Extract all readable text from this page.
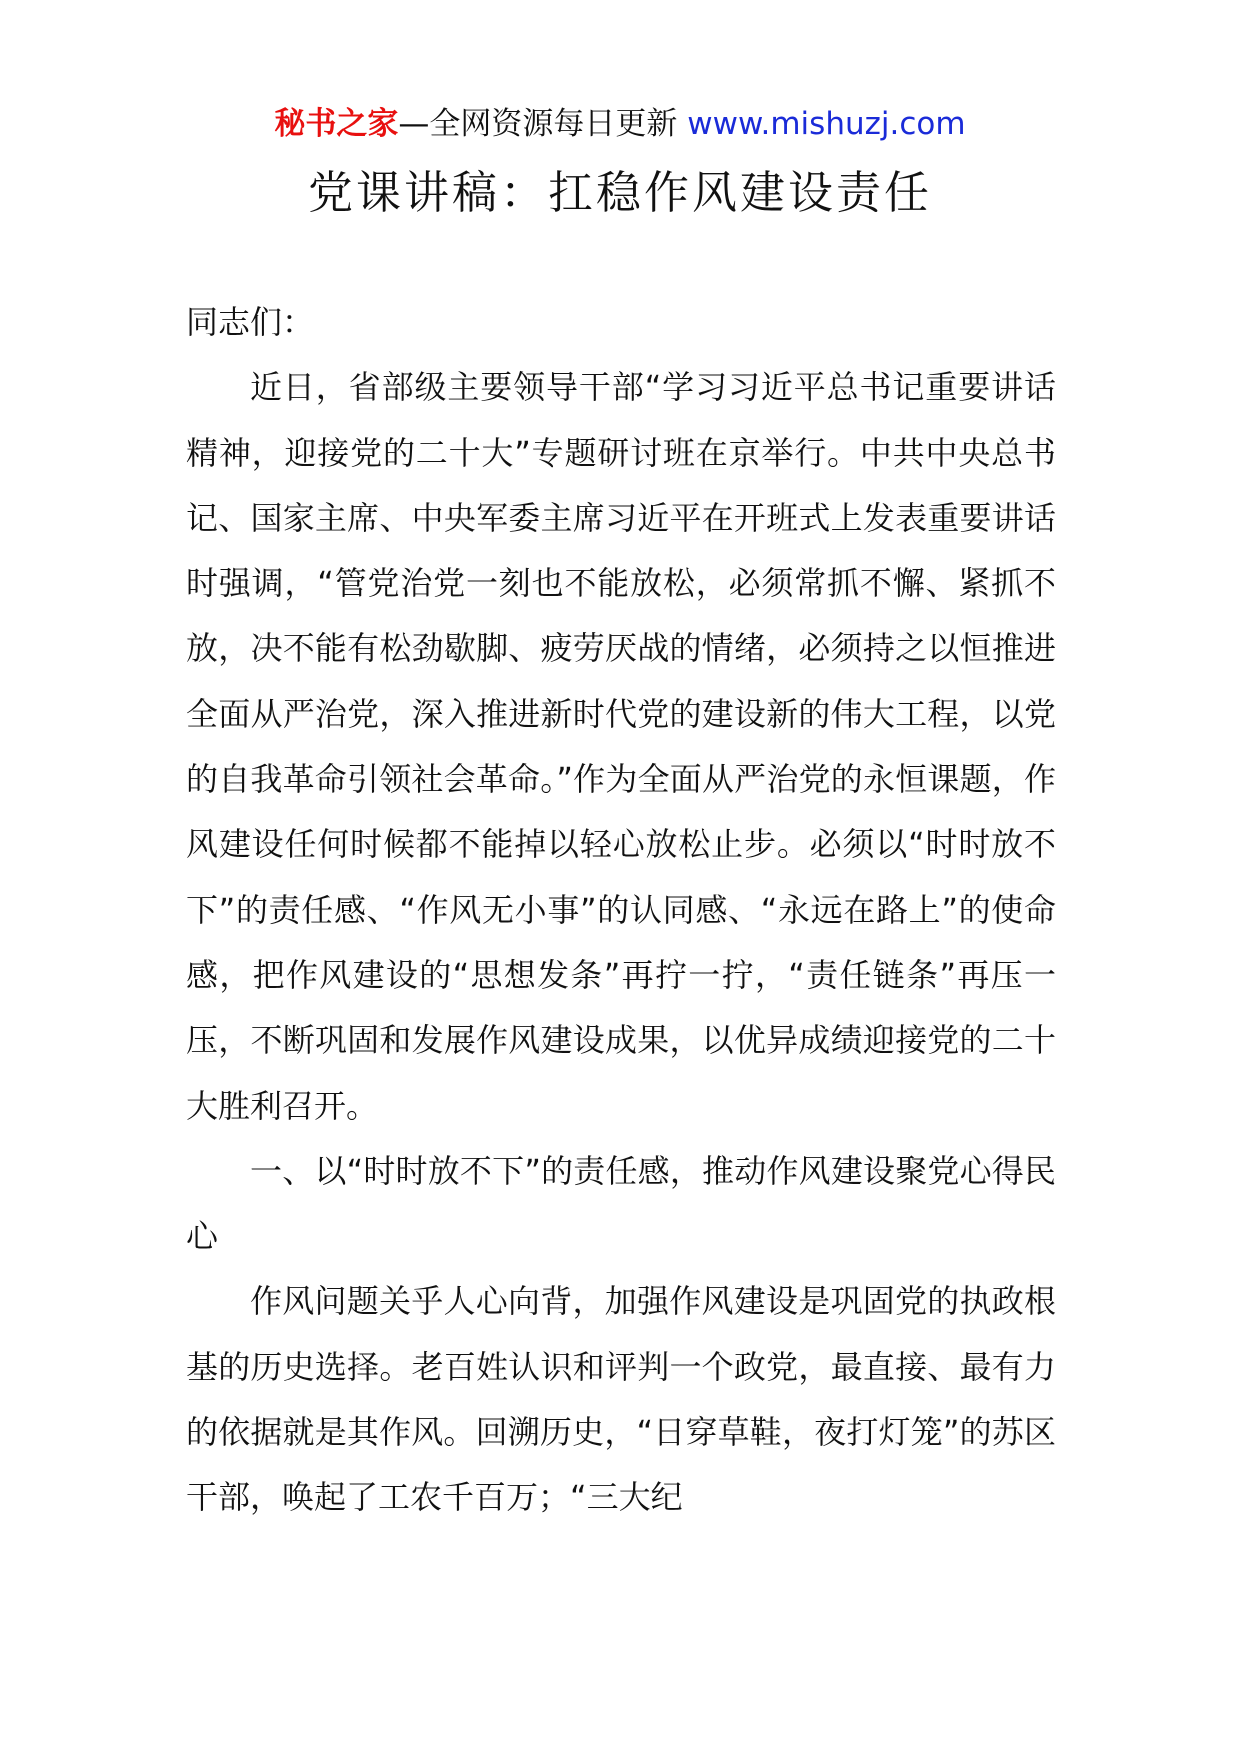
秘书之家—全网资源每日更新 www.mishuzj.com
党课讲稿：扛稳作风建设责任

同志们：

近日，省部级主要领导干部“学习习近平总书记重要讲话精神，迎接党的二十大”专题研讨班在京举行。中共中央总书记、国家主席、中央军委主席习近平在开班式上发表重要讲话时强调，“管党治党一刻也不能放松，必须常抓不懈、紧抓不放，决不能有松劲歇脚、疲劳厌战的情绪，必须持之以恒推进全面从严治党，深入推进新时代党的建设新的伟大工程，以党的自我革命引领社会革命。”作为全面从严治党的永恒课题，作风建设任何时候都不能掉以轻心放松止步。必须以“时时放不下”的责任感、“作风无小事”的认同感、“永远在路上”的使命感，把作风建设的“思想发条”再拧一拧，“责任链条”再压一压，不断巩固和发展作风建设成果，以优异成绩迎接党的二十大胜利召开。

一、以“时时放不下”的责任感，推动作风建设聚党心得民心

作风问题关乎人心向背，加强作风建设是巩固党的执政根基的历史选择。老百姓认识和评判一个政党，最直接、最有力的依据就是其作风。回溯历史，“日穿草鞋，夜打灯笼”的苏区干部，唤起了工农千百万；“三大纪
